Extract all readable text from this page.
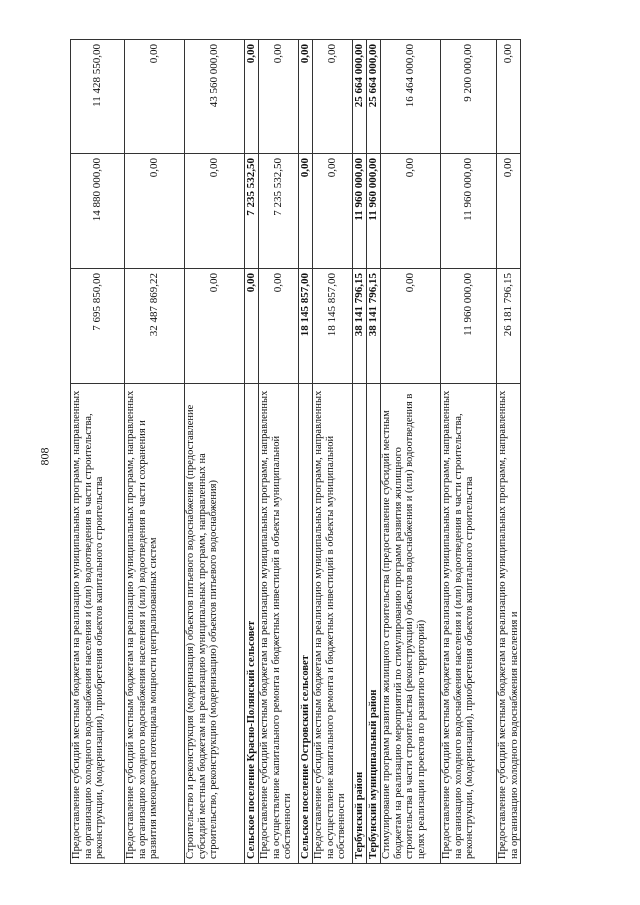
808 Предоставление субсидий местным бюджетам на реализацию муниципальных программ, направленных на организацию холодного водоснабжения населения и (или) водоотведения в части строительства, реконструкции, (модернизации), приобретения объектов капитального строительства	7 695 850,00	14 880 000,00	11 428 550,00
Предоставление субсидий местным бюджетам на реализацию муниципальных программ, направленных на организацию холодного водоснабжения населения и (или) водоотведения в части сохранения и развития имеющегося потенциала мощности централизованных систем	32 487 869,22	0,00	0,00
Строительство и реконструкция (модернизация) объектов питьевого водоснабжения (предоставление субсидий местным бюджетам на реализацию муниципальных программ, направленных на строительство, реконструкцию (модернизацию) объектов питьевого водоснабжения)	0,00	0,00	43 560 000,00
Сельское поселение Красно-Полянский сельсовет	0,00	7 235 532,50	0,00
Предоставление субсидий местным бюджетам на реализацию муниципальных программ, направленных на осуществление капитального ремонта и бюджетных инвестиций в объекты муниципальной собственности	0,00	7 235 532,50	0,00
Сельское поселение Островский сельсовет	18 145 857,00	0,00	0,00
Предоставление субсидий местным бюджетам на реализацию муниципальных программ, направленных на осуществление капитального ремонта и бюджетных инвестиций в объекты муниципальной собственности	18 145 857,00	0,00	0,00
Тербунский район	38 141 796,15	11 960 000,00	25 664 000,00
Тербунский муниципальный район	38 141 796,15	11 960 000,00	25 664 000,00
Стимулирование программ развития жилищного строительства (предоставление субсидий местным бюджетам на реализацию мероприятий по стимулированию программ развития жилищного строительства в части строительства (реконструкции) объектов водоснабжения и (или) водоотведения в целях реализации проектов по развитию территорий)	0,00	0,00	16 464 000,00
Предоставление субсидий местным бюджетам на реализацию муниципальных программ, направленных на организацию холодного водоснабжения населения и (или) водоотведения в части строительства, реконструкции, (модернизации), приобретения объектов капитального строительства	11 960 000,00	11 960 000,00	9 200 000,00
Предоставление субсидий местным бюджетам на реализацию муниципальных программ, направленных на организацию холодного водоснабжения населения и	26 181 796,15	0,00	0,00
